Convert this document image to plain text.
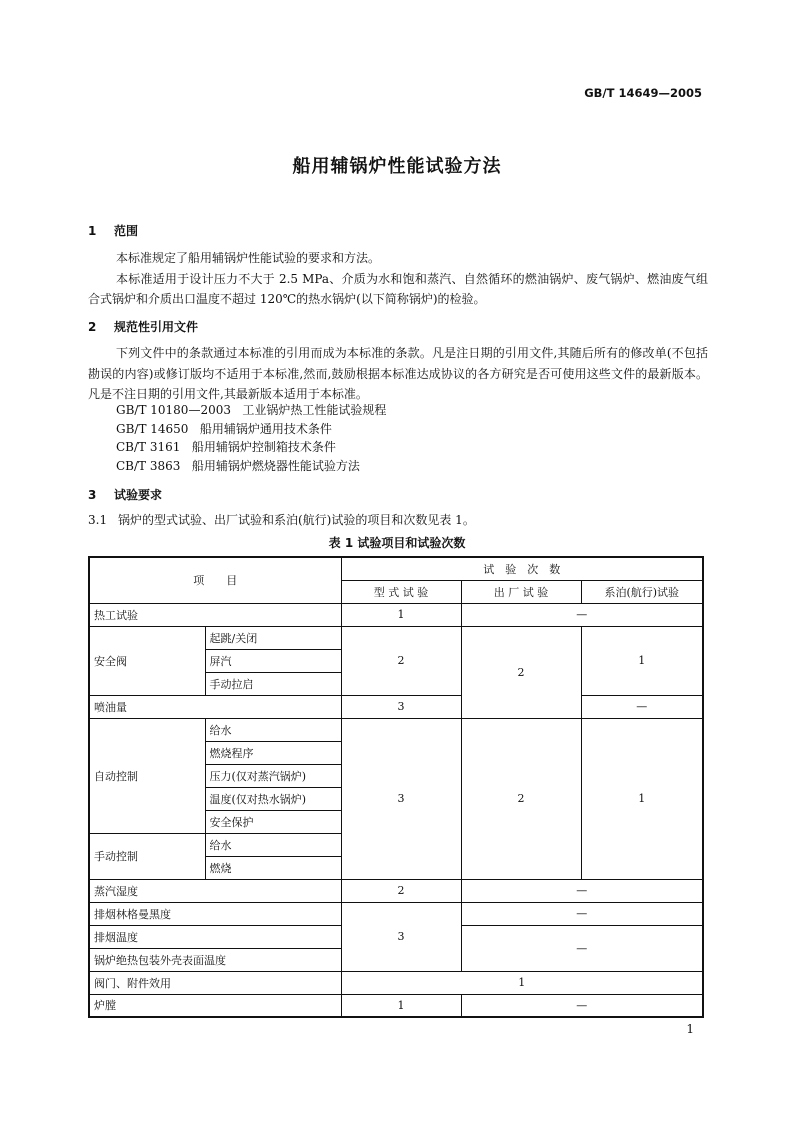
GB/T 14649—2005
船用辅锅炉性能试验方法
1 范围

本标准规定了船用辅锅炉性能试验的要求和方法。

本标准适用于设计压力不大于 2.5 MPa、介质为水和饱和蒸汽、自然循环的燃油锅炉、废气锅炉、燃油废气组合式锅炉和介质出口温度不超过 120℃的热水锅炉(以下简称锅炉)的检验。

2 规范性引用文件

下列文件中的条款通过本标准的引用而成为本标准的条款。凡是注日期的引用文件,其随后所有的修改单(不包括勘误的内容)或修订版均不适用于本标准,然而,鼓励根据本标准达成协议的各方研究是否可使用这些文件的最新版本。凡是不注日期的引用文件,其最新版本适用于本标准。

GB/T 10180—2003   工业锅炉热工性能试验规程
GB/T 14650   船用辅锅炉通用技术条件
CB/T 3161   船用辅锅炉控制箱技术条件
CB/T 3863   船用辅锅炉燃烧器性能试验方法
3 试验要求

3.1 锅炉的型式试验、出厂试验和系泊(航行)试验的项目和次数见表 1。

表 1 试验项目和试验次数
项　　目		试　验　次　数		
		型 式 试 验	出 厂 试 验	系泊(航行)试验
热工试验		1	—	
安全阀	起跳/关闭	2	2	1
	屏汽			
	手动拉启			
喷油量		3		—
自动控制	给水	3	2	1
	燃烧程序			
	压力(仅对蒸汽锅炉)			
	温度(仅对热水锅炉)			
	安全保护			
手动控制	给水			
	燃烧			
蒸汽湿度		2	—	
排烟林格曼黑度		3	—	
排烟温度			—	
锅炉绝热包装外壳表面温度				
阀门、附件效用		1		
炉膛		1	—	
1
